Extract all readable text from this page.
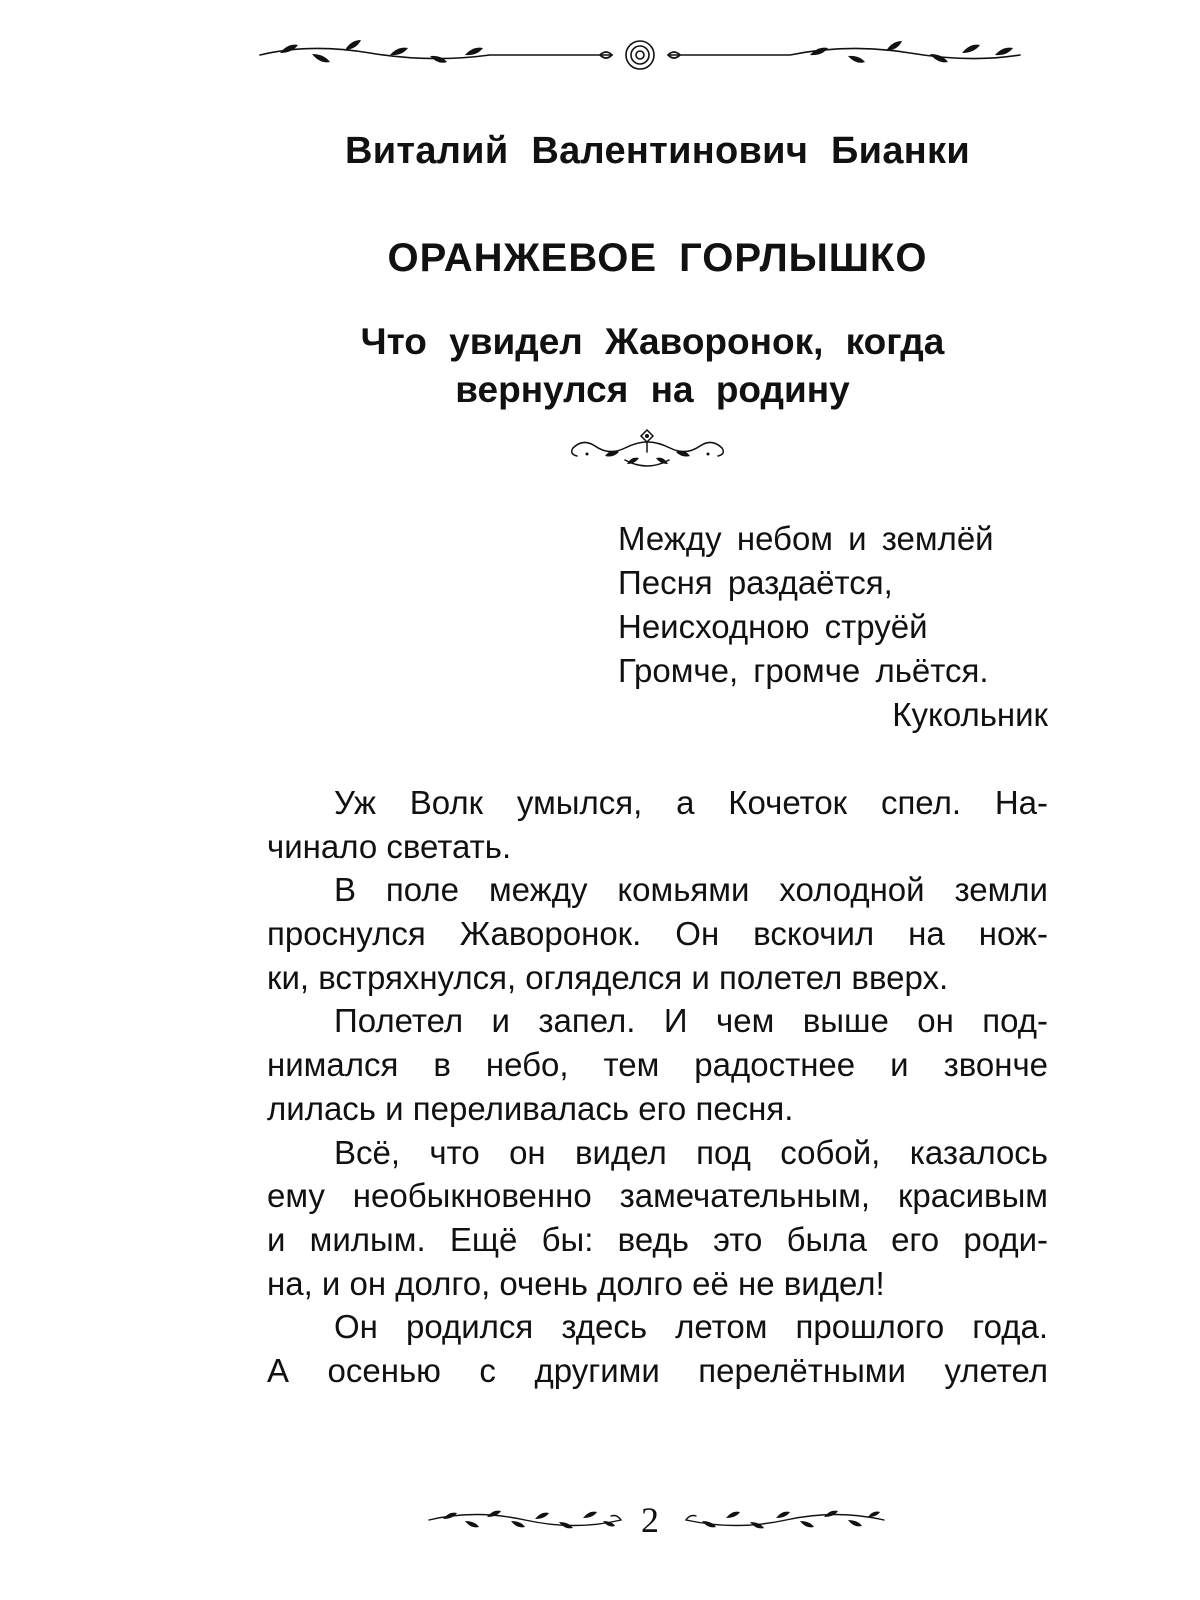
Виталий Валентинович Бианки
ОРАНЖЕВОЕ ГОРЛЫШКО
Что увидел Жаворонок, когда
вернулся на родину
Между небом и землёй
Песня раздаётся,
Неисходною струёй
Громче, громче льётся.

Кукольник

Уж Волк умылся, а Кочеток спел. На-
чинало светать.
В поле между комьями холодной земли
проснулся Жаворонок. Он вскочил на нож-
ки, встряхнулся, огляделся и полетел вверх.
Полетел и запел. И чем выше он под-
нимался в небо, тем радостнее и звонче
лилась и переливалась его песня.
Всё, что он видел под собой, казалось
ему необыкновенно замечательным, красивым
и милым. Ещё бы: ведь это была его роди-
на, и он долго, очень долго её не видел!
Он родился здесь летом прошлого года.
А осенью с другими перелётными улетел

2
